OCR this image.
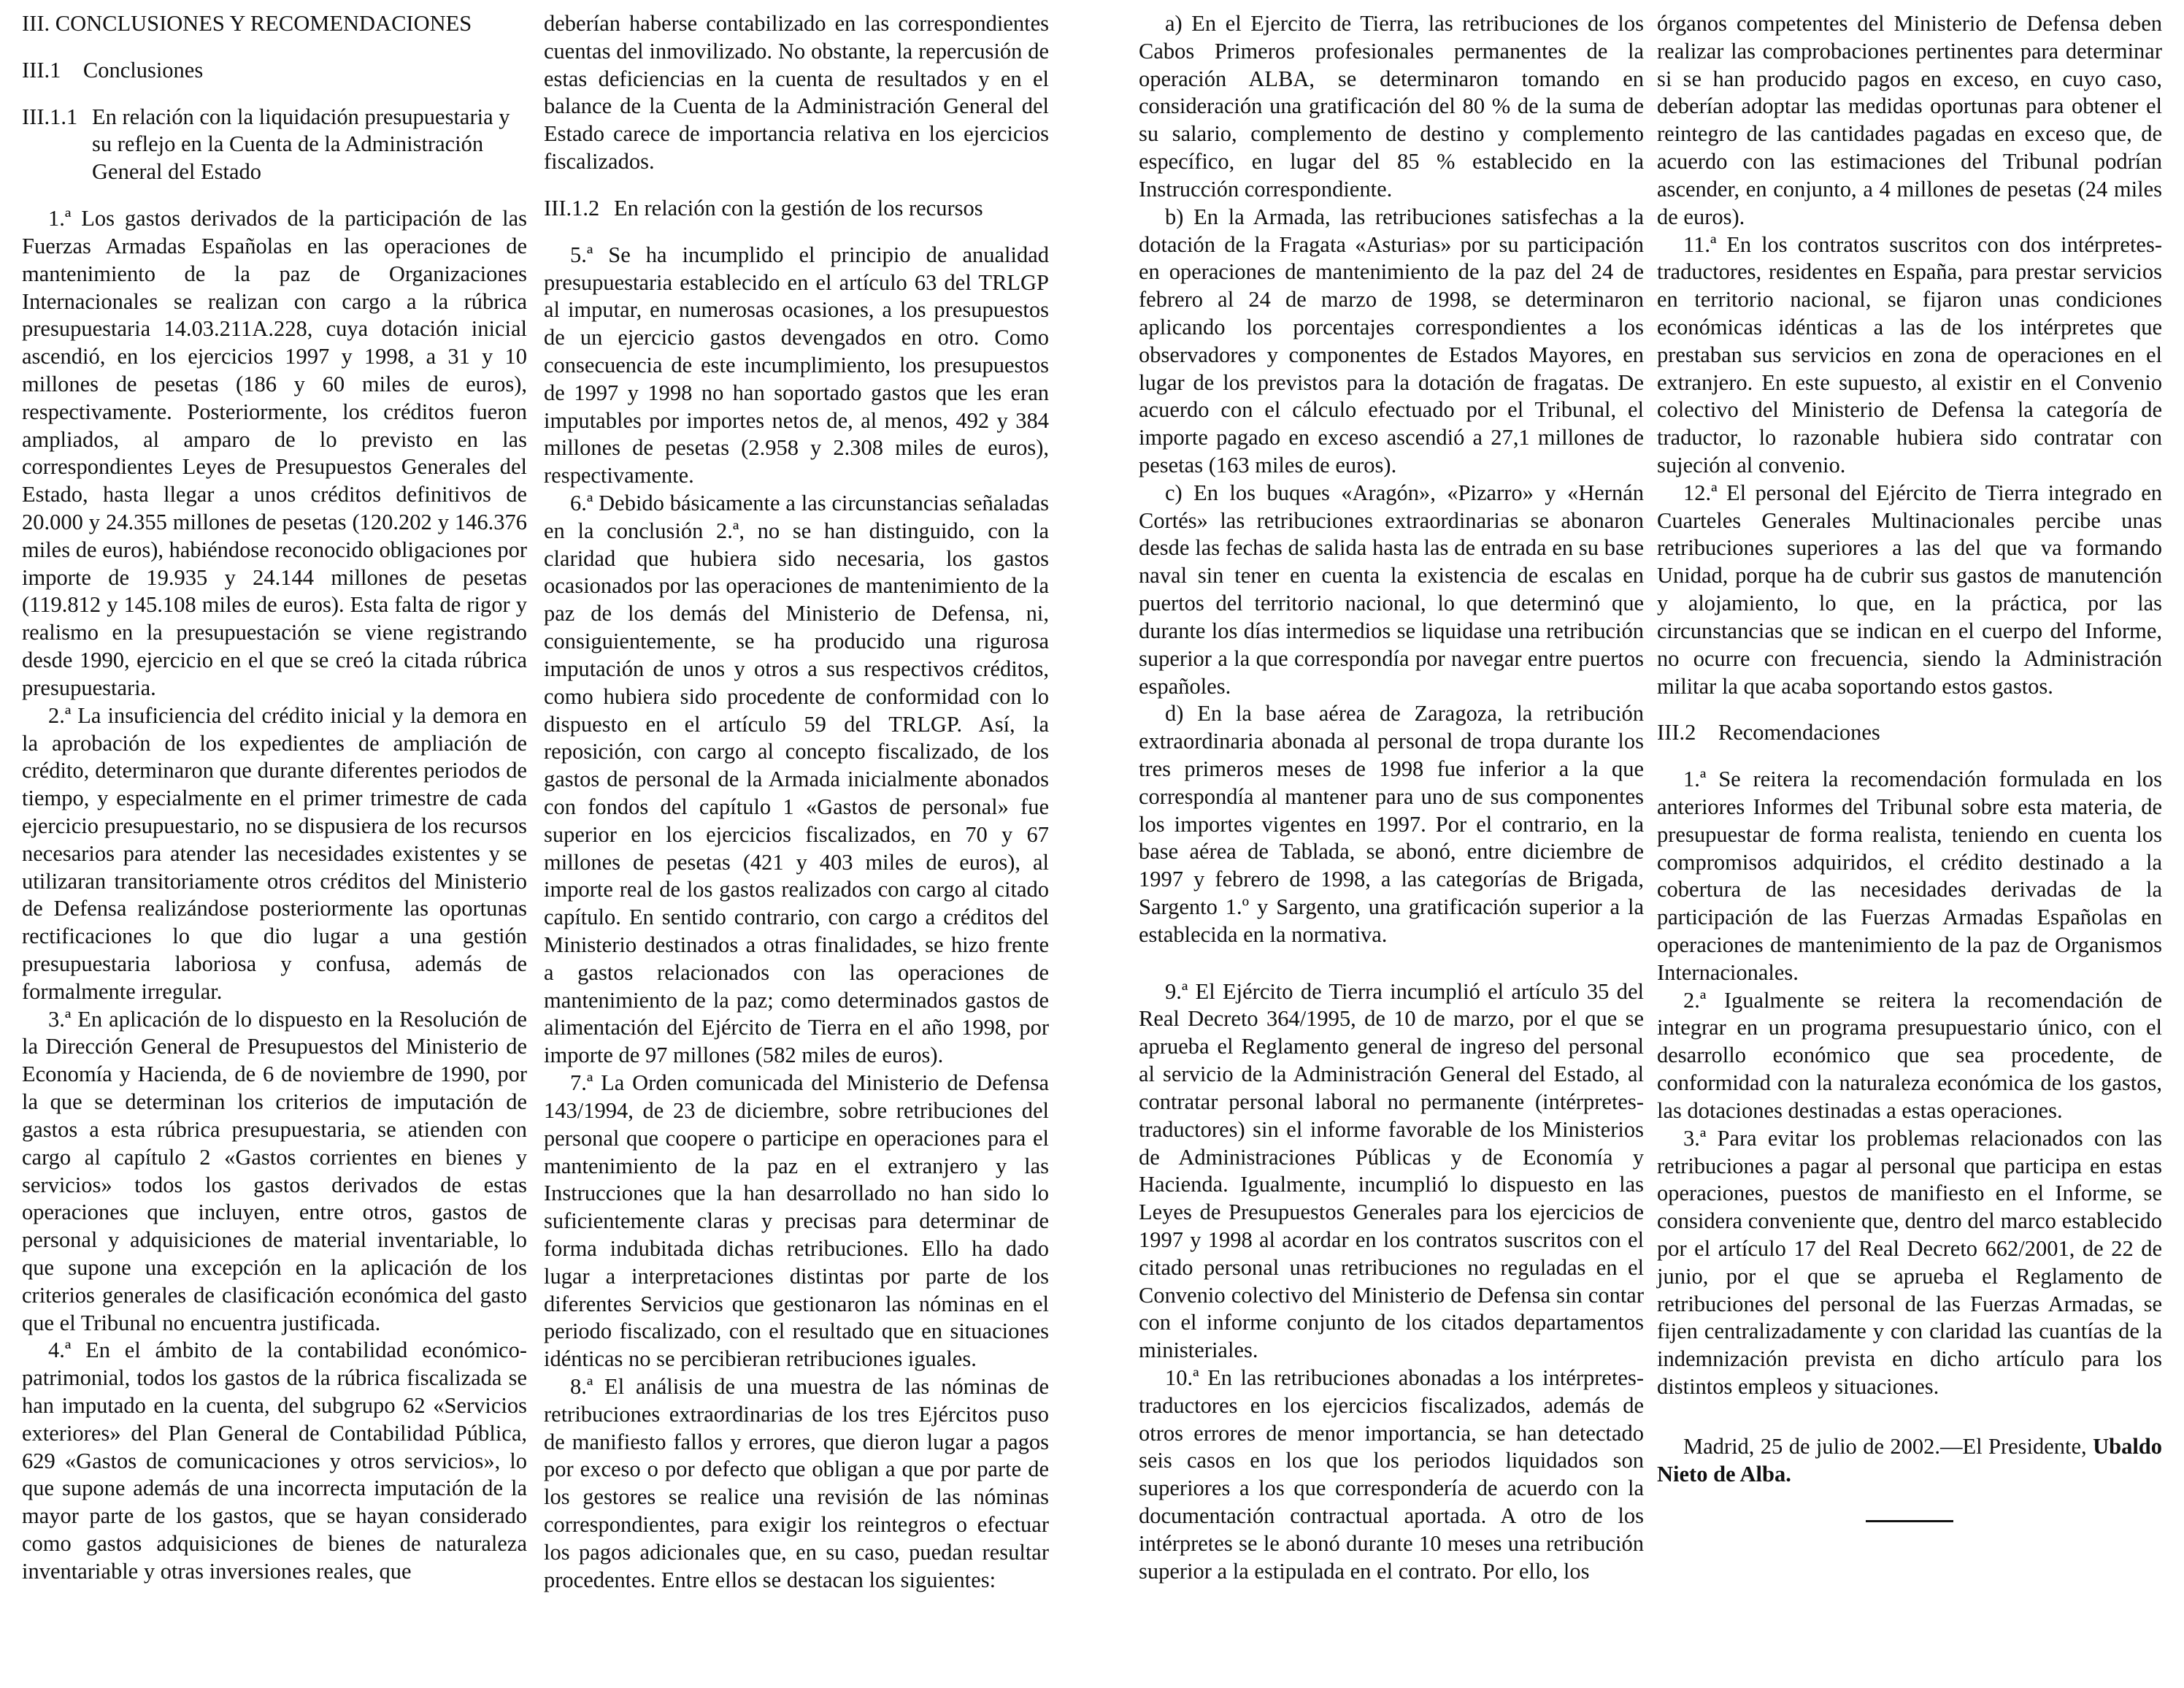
III. CONCLUSIONES Y RECOMENDACIONES
III.1 Conclusiones
III.1.1 En relación con la liquidación presupuestaria y su reflejo en la Cuenta de la Administración General del Estado

1.ª Los gastos derivados de la participación de las Fuerzas Armadas Españolas en las operaciones de mantenimiento de la paz de Organizaciones Internacionales se realizan con cargo a la rúbrica presupuestaria 14.03.211A.228, cuya dotación inicial ascendió, en los ejercicios 1997 y 1998, a 31 y 10 millones de pesetas (186 y 60 miles de euros), respectivamente. Posteriormente, los créditos fueron ampliados, al amparo de lo previsto en las correspondientes Leyes de Presupuestos Generales del Estado, hasta llegar a unos créditos definitivos de 20.000 y 24.355 millones de pesetas (120.202 y 146.376 miles de euros), habiéndose reconocido obligaciones por importe de 19.935 y 24.144 millones de pesetas (119.812 y 145.108 miles de euros). Esta falta de rigor y realismo en la presupuestación se viene registrando desde 1990, ejercicio en el que se creó la citada rúbrica presupuestaria.

2.ª La insuficiencia del crédito inicial y la demora en la aprobación de los expedientes de ampliación de crédito, determinaron que durante diferentes periodos de tiempo, y especialmente en el primer trimestre de cada ejercicio presupuestario, no se dispusiera de los recursos necesarios para atender las necesidades existentes y se utilizaran transitoriamente otros créditos del Ministerio de Defensa realizándose posteriormente las oportunas rectificaciones lo que dio lugar a una gestión presupuestaria laboriosa y confusa, además de formalmente irregular.

3.ª En aplicación de lo dispuesto en la Resolución de la Dirección General de Presupuestos del Ministerio de Economía y Hacienda, de 6 de noviembre de 1990, por la que se determinan los criterios de imputación de gastos a esta rúbrica presupuestaria, se atienden con cargo al capítulo 2 «Gastos corrientes en bienes y servicios» todos los gastos derivados de estas operaciones que incluyen, entre otros, gastos de personal y adquisiciones de material inventariable, lo que supone una excepción en la aplicación de los criterios generales de clasificación económica del gasto que el Tribunal no encuentra justificada.

4.ª En el ámbito de la contabilidad económico-patrimonial, todos los gastos de la rúbrica fiscalizada se han imputado en la cuenta, del subgrupo 62 «Servicios exteriores» del Plan General de Contabilidad Pública, 629 «Gastos de comunicaciones y otros servicios», lo que supone además de una incorrecta imputación de la mayor parte de los gastos, que se hayan considerado como gastos adquisiciones de bienes de naturaleza inventariable y otras inversiones reales, que

deberían haberse contabilizado en las correspondientes cuentas del inmovilizado. No obstante, la repercusión de estas deficiencias en la cuenta de resultados y en el balance de la Cuenta de la Administración General del Estado carece de importancia relativa en los ejercicios fiscalizados.

III.1.2 En relación con la gestión de los recursos

5.ª Se ha incumplido el principio de anualidad presupuestaria establecido en el artículo 63 del TRLGP al imputar, en numerosas ocasiones, a los presupuestos de un ejercicio gastos devengados en otro. Como consecuencia de este incumplimiento, los presupuestos de 1997 y 1998 no han soportado gastos que les eran imputables por importes netos de, al menos, 492 y 384 millones de pesetas (2.958 y 2.308 miles de euros), respectivamente.

6.ª Debido básicamente a las circunstancias señaladas en la conclusión 2.ª, no se han distinguido, con la claridad que hubiera sido necesaria, los gastos ocasionados por las operaciones de mantenimiento de la paz de los demás del Ministerio de Defensa, ni, consiguientemente, se ha producido una rigurosa imputación de unos y otros a sus respectivos créditos, como hubiera sido procedente de conformidad con lo dispuesto en el artículo 59 del TRLGP. Así, la reposición, con cargo al concepto fiscalizado, de los gastos de personal de la Armada inicialmente abonados con fondos del capítulo 1 «Gastos de personal» fue superior en los ejercicios fiscalizados, en 70 y 67 millones de pesetas (421 y 403 miles de euros), al importe real de los gastos realizados con cargo al citado capítulo. En sentido contrario, con cargo a créditos del Ministerio destinados a otras finalidades, se hizo frente a gastos relacionados con las operaciones de mantenimiento de la paz; como determinados gastos de alimentación del Ejército de Tierra en el año 1998, por importe de 97 millones (582 miles de euros).

7.ª La Orden comunicada del Ministerio de Defensa 143/1994, de 23 de diciembre, sobre retribuciones del personal que coopere o participe en operaciones para el mantenimiento de la paz en el extranjero y las Instrucciones que la han desarrollado no han sido lo suficientemente claras y precisas para determinar de forma indubitada dichas retribuciones. Ello ha dado lugar a interpretaciones distintas por parte de los diferentes Servicios que gestionaron las nóminas en el periodo fiscalizado, con el resultado que en situaciones idénticas no se percibieran retribuciones iguales.

8.ª El análisis de una muestra de las nóminas de retribuciones extraordinarias de los tres Ejércitos puso de manifiesto fallos y errores, que dieron lugar a pagos por exceso o por defecto que obligan a que por parte de los gestores se realice una revisión de las nóminas correspondientes, para exigir los reintegros o efectuar los pagos adicionales que, en su caso, puedan resultar procedentes. Entre ellos se destacan los siguientes:

a) En el Ejercito de Tierra, las retribuciones de los Cabos Primeros profesionales permanentes de la operación ALBA, se determinaron tomando en consideración una gratificación del 80 % de la suma de su salario, complemento de destino y complemento específico, en lugar del 85 % establecido en la Instrucción correspondiente.

b) En la Armada, las retribuciones satisfechas a la dotación de la Fragata «Asturias» por su participación en operaciones de mantenimiento de la paz del 24 de febrero al 24 de marzo de 1998, se determinaron aplicando los porcentajes correspondientes a los observadores y componentes de Estados Mayores, en lugar de los previstos para la dotación de fragatas. De acuerdo con el cálculo efectuado por el Tribunal, el importe pagado en exceso ascendió a 27,1 millones de pesetas (163 miles de euros).

c) En los buques «Aragón», «Pizarro» y «Hernán Cortés» las retribuciones extraordinarias se abonaron desde las fechas de salida hasta las de entrada en su base naval sin tener en cuenta la existencia de escalas en puertos del territorio nacional, lo que determinó que durante los días intermedios se liquidase una retribución superior a la que correspondía por navegar entre puertos españoles.

d) En la base aérea de Zaragoza, la retribución extraordinaria abonada al personal de tropa durante los tres primeros meses de 1998 fue inferior a la que correspondía al mantener para uno de sus componentes los importes vigentes en 1997. Por el contrario, en la base aérea de Tablada, se abonó, entre diciembre de 1997 y febrero de 1998, a las categorías de Brigada, Sargento 1.º y Sargento, una gratificación superior a la establecida en la normativa.

9.ª El Ejército de Tierra incumplió el artículo 35 del Real Decreto 364/1995, de 10 de marzo, por el que se aprueba el Reglamento general de ingreso del personal al servicio de la Administración General del Estado, al contratar personal laboral no permanente (intérpretes-traductores) sin el informe favorable de los Ministerios de Administraciones Públicas y de Economía y Hacienda. Igualmente, incumplió lo dispuesto en las Leyes de Presupuestos Generales para los ejercicios de 1997 y 1998 al acordar en los contratos suscritos con el citado personal unas retribuciones no reguladas en el Convenio colectivo del Ministerio de Defensa sin contar con el informe conjunto de los citados departamentos ministeriales.

10.ª En las retribuciones abonadas a los intérpretes-traductores en los ejercicios fiscalizados, además de otros errores de menor importancia, se han detectado seis casos en los que los periodos liquidados son superiores a los que correspondería de acuerdo con la documentación contractual aportada. A otro de los intérpretes se le abonó durante 10 meses una retribución superior a la estipulada en el contrato. Por ello, los

órganos competentes del Ministerio de Defensa deben realizar las comprobaciones pertinentes para determinar si se han producido pagos en exceso, en cuyo caso, deberían adoptar las medidas oportunas para obtener el reintegro de las cantidades pagadas en exceso que, de acuerdo con las estimaciones del Tribunal podrían ascender, en conjunto, a 4 millones de pesetas (24 miles de euros).

11.ª En los contratos suscritos con dos intérpretes-traductores, residentes en España, para prestar servicios en territorio nacional, se fijaron unas condiciones económicas idénticas a las de los intérpretes que prestaban sus servicios en zona de operaciones en el extranjero. En este supuesto, al existir en el Convenio colectivo del Ministerio de Defensa la categoría de traductor, lo razonable hubiera sido contratar con sujeción al convenio.

12.ª El personal del Ejército de Tierra integrado en Cuarteles Generales Multinacionales percibe unas retribuciones superiores a las del que va formando Unidad, porque ha de cubrir sus gastos de manutención y alojamiento, lo que, en la práctica, por las circunstancias que se indican en el cuerpo del Informe, no ocurre con frecuencia, siendo la Administración militar la que acaba soportando estos gastos.

III.2 Recomendaciones

1.ª Se reitera la recomendación formulada en los anteriores Informes del Tribunal sobre esta materia, de presupuestar de forma realista, teniendo en cuenta los compromisos adquiridos, el crédito destinado a la cobertura de las necesidades derivadas de la participación de las Fuerzas Armadas Españolas en operaciones de mantenimiento de la paz de Organismos Internacionales.

2.ª Igualmente se reitera la recomendación de integrar en un programa presupuestario único, con el desarrollo económico que sea procedente, de conformidad con la naturaleza económica de los gastos, las dotaciones destinadas a estas operaciones.

3.ª Para evitar los problemas relacionados con las retribuciones a pagar al personal que participa en estas operaciones, puestos de manifiesto en el Informe, se considera conveniente que, dentro del marco establecido por el artículo 17 del Real Decreto 662/2001, de 22 de junio, por el que se aprueba el Reglamento de retribuciones del personal de las Fuerzas Armadas, se fijen centralizadamente y con claridad las cuantías de la indemnización prevista en dicho artículo para los distintos empleos y situaciones.

Madrid, 25 de julio de 2002.—El Presidente, Ubaldo Nieto de Alba.
